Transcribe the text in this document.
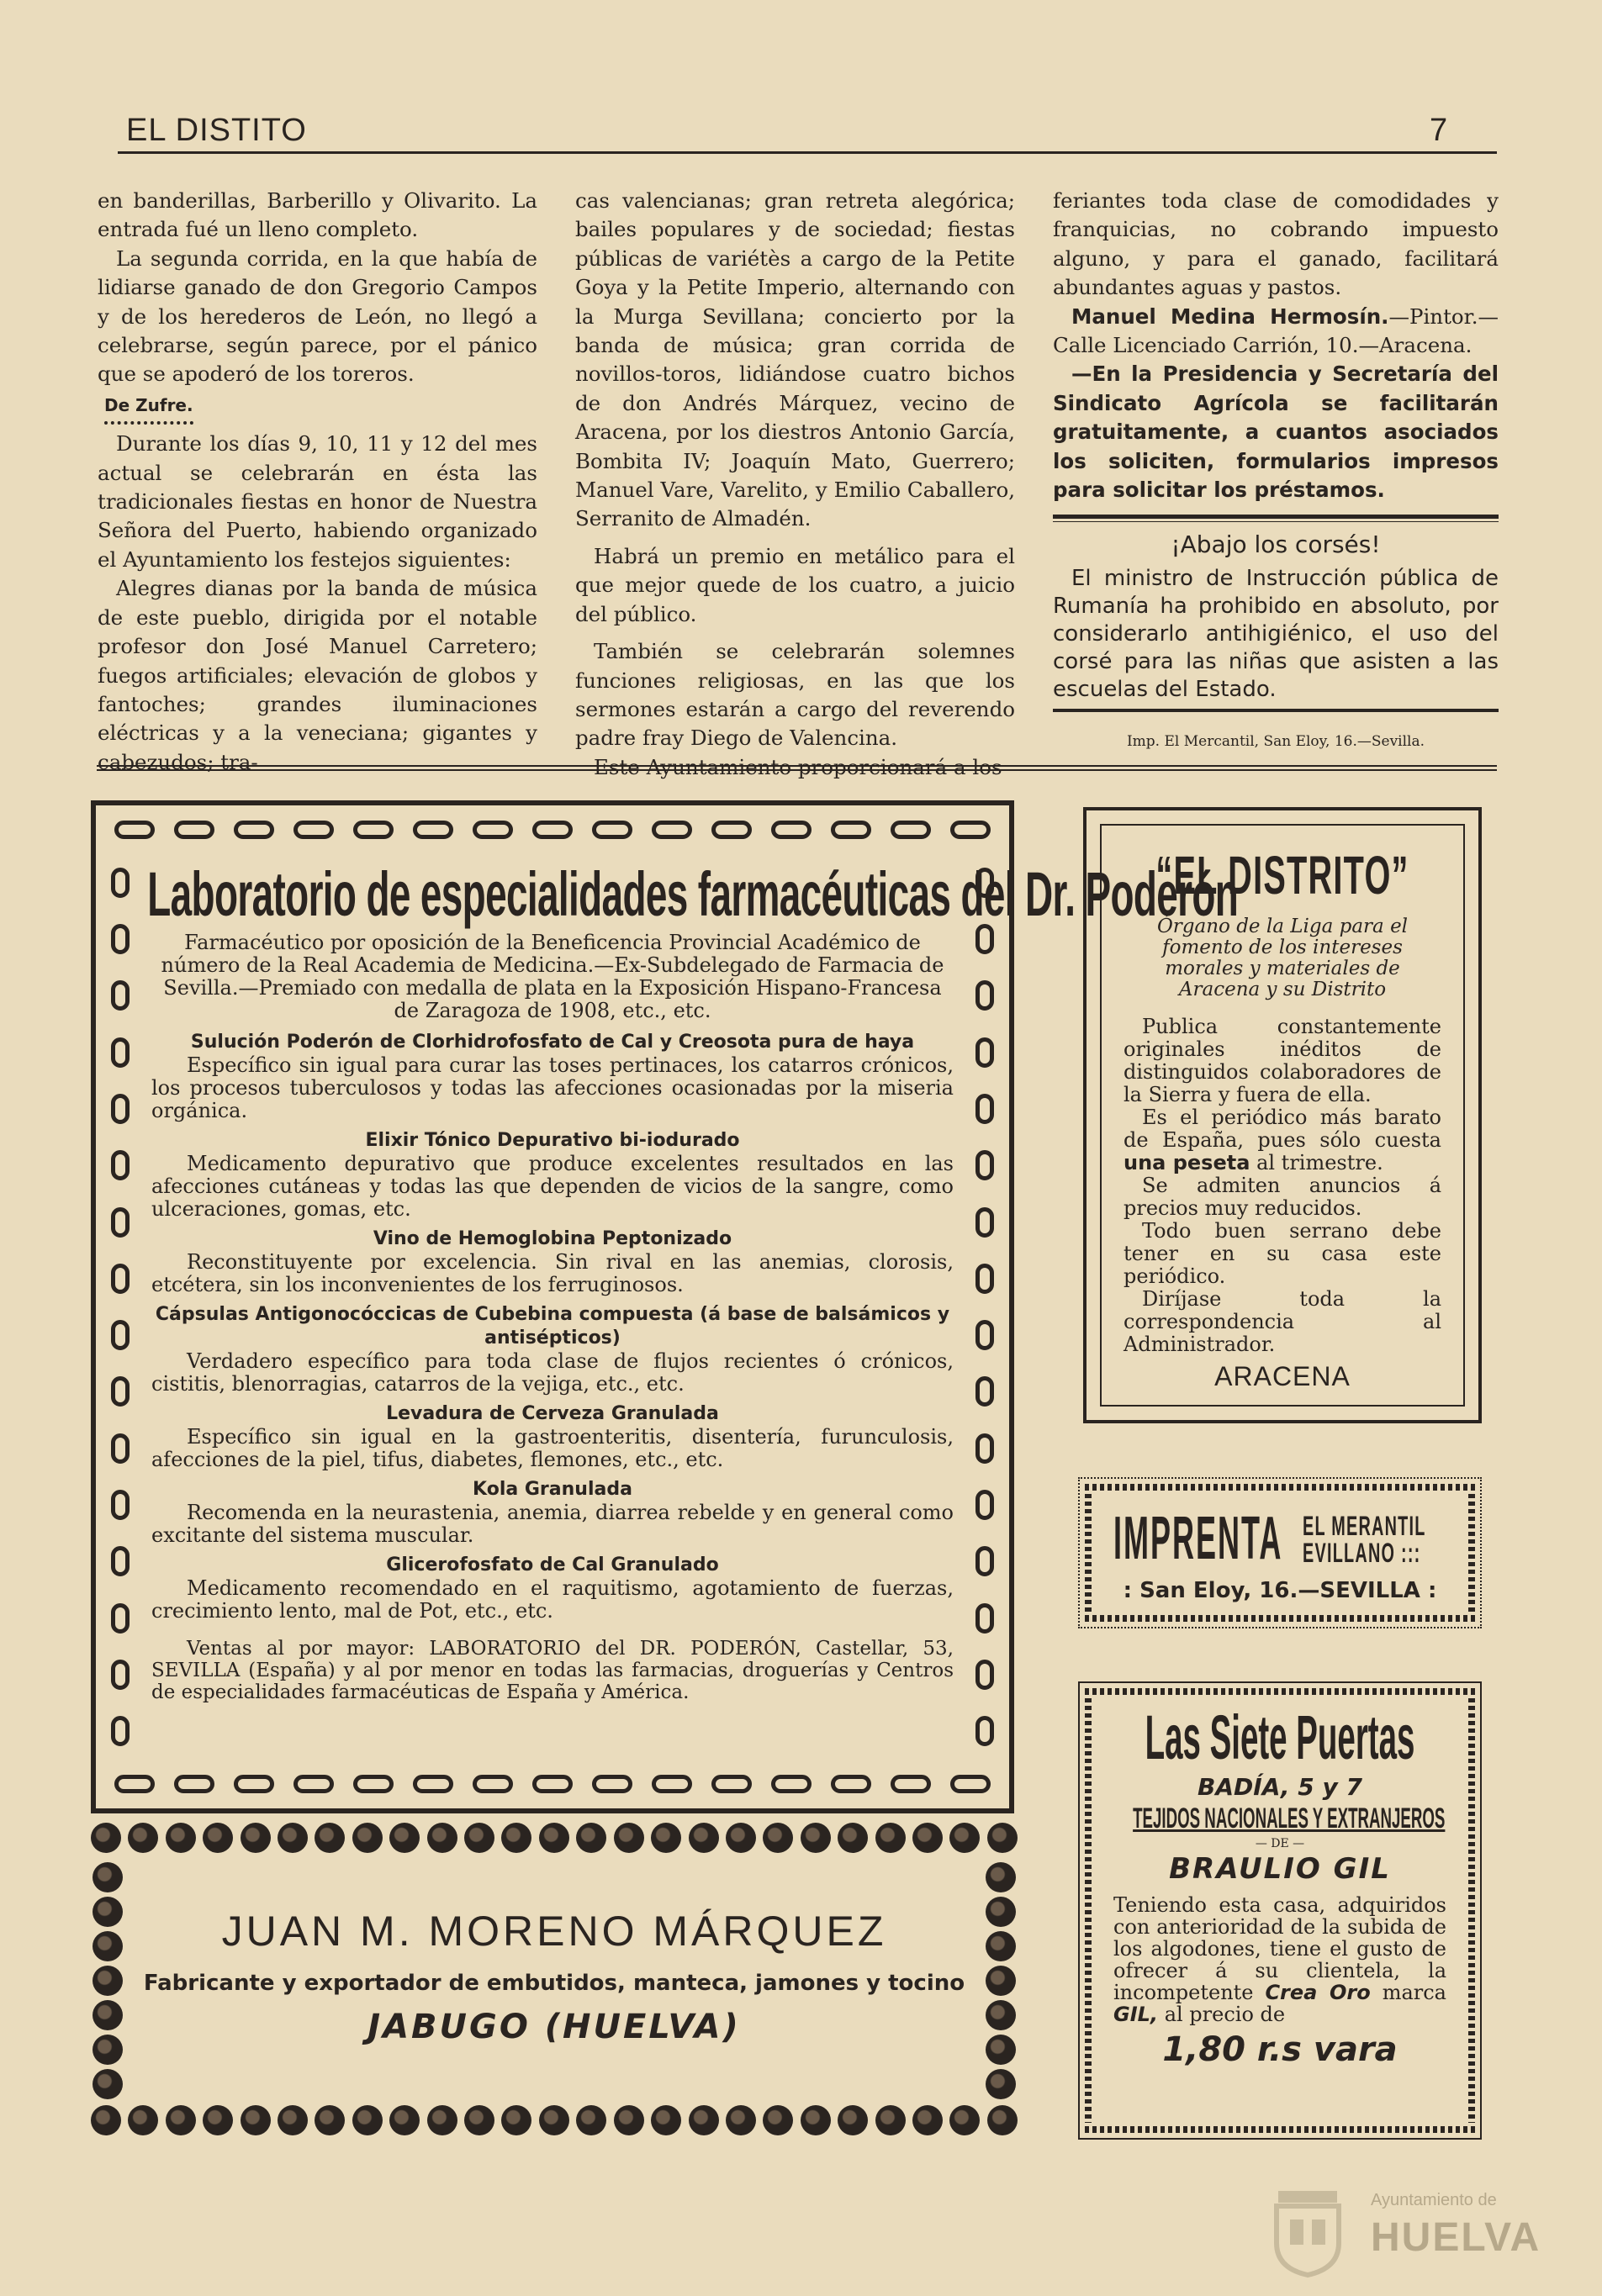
EL DISTITO	7

en banderillas, Barberillo y Olivarito. La entrada fué un lleno completo.

La segunda corrida, en la que había de lidiarse ganado de don Gregorio Campos y de los herederos de León, no llegó a celebrarse, según parece, por el pánico que se apoderó de los toreros.

De Zufre.

Durante los días 9, 10, 11 y 12 del mes actual se celebrarán en ésta las tradicionales fiestas en honor de Nuestra Señora del Puerto, habiendo organizado el Ayuntamiento los festejos siguientes:

Alegres dianas por la banda de música de este pueblo, dirigida por el notable profesor don José Manuel Carretero; fuegos artificiales; elevación de globos y fantoches; grandes iluminaciones eléctricas y a la veneciana; gigantes y cabezudos; tra-

cas valencianas; gran retreta alegórica; bailes populares y de sociedad; fiestas públicas de variétès a cargo de la Petite Goya y la Petite Imperio, alternando con la Murga Sevillana; concierto por la banda de música; gran corrida de novillos-toros, lidiándose cuatro bichos de don Andrés Márquez, vecino de Aracena, por los diestros Antonio García, Bombita IV; Joaquín Mato, Guerrero; Manuel Vare, Varelito, y Emilio Caballero, Serranito de Almadén.

Habrá un premio en metálico para el que mejor quede de los cuatro, a juicio del público.

También se celebrarán solemnes funciones religiosas, en las que los sermones estarán a cargo del reverendo padre fray Diego de Valencina.

Este Ayuntamiento proporcionará a los

feriantes toda clase de comodidades y franquicias, no cobrando impuesto alguno, y para el ganado, facilitará abundantes aguas y pastos.

Manuel Medina Hermosín.—Pintor.— Calle Licenciado Carrión, 10.—Aracena.

—En la Presidencia y Secretaría del Sindicato Agrícola se facilitarán gratuitamente, a cuantos asociados los soliciten, formularios impresos para solicitar los préstamos.

¡Abajo los corsés!

El ministro de Instrucción pública de Rumanía ha prohibido en absoluto, por considerarlo antihigiénico, el uso del corsé para las niñas que asisten a las escuelas del Estado.

Imp. El Mercantil, San Eloy, 16.—Sevilla.
Laboratorio de especialidades farmacéuticas del Dr. Poderón
Farmacéutico por oposición de la Beneficencia Provincial Académico de número de la Real Academia de Medicina.—Ex-Subdelegado de Farmacia de Sevilla.—Premiado con medalla de plata en la Exposición Hispano-Francesa de Zaragoza de 1908, etc., etc.
Sulución Poderón de Clorhidrofosfato de Cal y Creosota pura de haya

Específico sin igual para curar las toses pertinaces, los catarros crónicos, los procesos tuberculosos y todas las afecciones ocasionadas por la miseria orgánica.

Elixir Tónico Depurativo bi-iodurado

Medicamento depurativo que produce excelentes resultados en las afecciones cutáneas y todas las que dependen de vicios de la sangre, como ulceraciones, gomas, etc.

Vino de Hemoglobina Peptonizado

Reconstituyente por excelencia. Sin rival en las anemias, clorosis, etcétera, sin los inconvenientes de los ferruginosos.

Cápsulas Antigonocóccicas de Cubebina compuesta (á base de balsámicos y antisépticos)

Verdadero específico para toda clase de flujos recientes ó crónicos, cistitis, blenorragias, catarros de la vejiga, etc., etc.

Levadura de Cerveza Granulada

Específico sin igual en la gastroenteritis, disentería, furunculosis, afecciones de la piel, tifus, diabetes, flemones, etc., etc.

Kola Granulada

Recomenda en la neurastenia, anemia, diarrea rebelde y en general como excitante del sistema muscular.

Glicerofosfato de Cal Granulado

Medicamento recomendado en el raquitismo, agotamiento de fuerzas, crecimiento lento, mal de Pot, etc., etc.

Ventas al por mayor: LABORATORIO del DR. PODERÓN, Castellar, 53, SEVILLA (España) y al por menor en todas las farmacias, droguerías y Centros de especialidades farmacéuticas de España y América.

JUAN M. MORENO MÁRQUEZ
Fabricante y exportador de embutidos, manteca, jamones y tocino
JABUGO (HUELVA)
“EL DISTRITO”
Órgano de la Liga para el fomento de los intereses morales y materiales de Aracena y su Distrito

Publica constantemente originales inéditos de distinguidos colaboradores de la Sierra y fuera de ella.

Es el periódico más barato de España, pues sólo cuesta una peseta al trimestre.

Se admiten anuncios á precios muy reducidos.

Todo buen serrano debe tener en su casa este periódico.

Diríjase toda la correspondencia al Administrador.

ARACENA
IMPRENTA EL MERANTIL
EVILLANO :::
: San Eloy, 16.—SEVILLA :
Las Siete Puertas
BADÍA, 5 y 7
TEJIDOS NACIONALES Y EXTRANJEROS
— DE —
BRAULIO GIL
Teniendo esta casa, adquiridos con anterioridad de la subida de los algodones, tiene el gusto de ofrecer á su clientela, la incompetente Crea Oro marca GIL, al precio de
1,80 r.s vara
Ayuntamiento de
HUELVA
